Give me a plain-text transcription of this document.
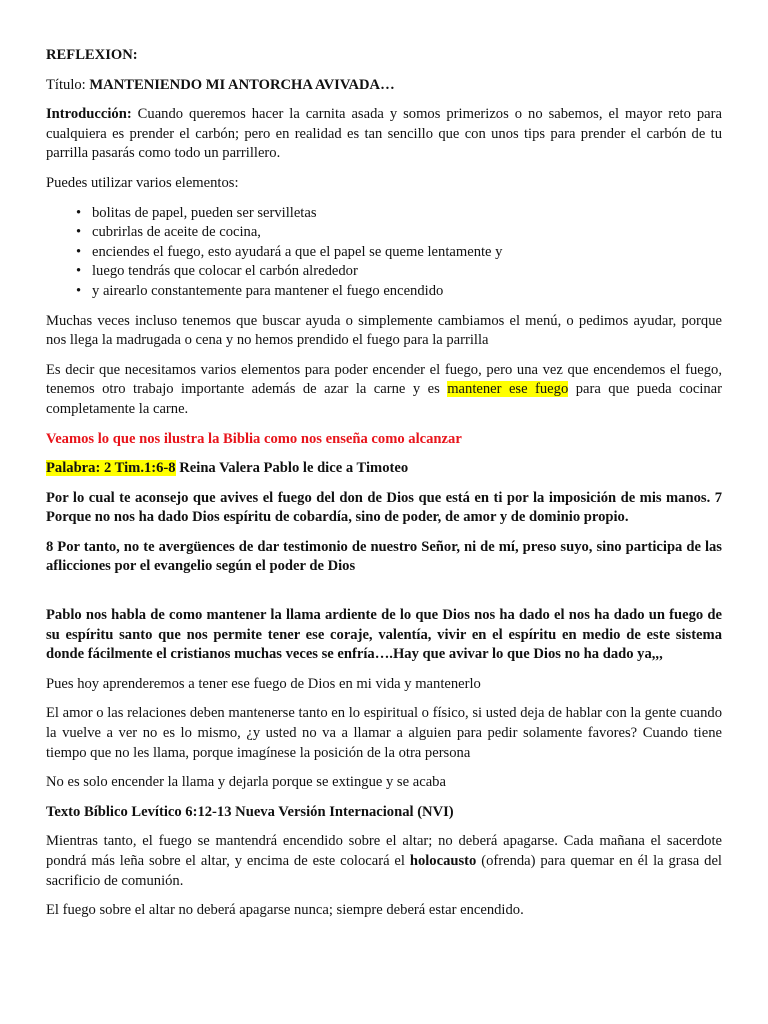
REFLEXION:

Título: MANTENIENDO MI ANTORCHA AVIVADA…

Introducción: Cuando queremos hacer la carnita asada y somos primerizos o no sabemos, el mayor reto para cualquiera es prender el carbón; pero en realidad es tan sencillo que con unos tips para prender el carbón de tu parrilla pasarás como todo un parrillero.

Puedes utilizar varios elementos:

• bolitas de papel, pueden ser servilletas
• cubrirlas de aceite de cocina,
• enciendes el fuego, esto ayudará a que el papel se queme lentamente y
• luego tendrás que colocar el carbón alrededor
• y airearlo constantemente para mantener el fuego encendido

Muchas veces incluso tenemos que buscar ayuda o simplemente cambiamos el menú, o pedimos ayudar, porque nos llega la madrugada o cena y no hemos prendido el fuego para la parrilla

Es decir que necesitamos varios elementos para poder encender el fuego, pero una vez que encendemos el fuego, tenemos otro trabajo importante además de azar la carne y es mantener ese fuego para que pueda cocinar completamente la carne.

Veamos lo que nos ilustra la Biblia como nos enseña como alcanzar

Palabra: 2 Tim.1:6-8 Reina Valera Pablo le dice a Timoteo

Por lo cual te aconsejo que avives el fuego del don de Dios que está en ti por la imposición de mis manos. 7 Porque no nos ha dado Dios espíritu de cobardía, sino de poder, de amor y de dominio propio.

8 Por tanto, no te avergüences de dar testimonio de nuestro Señor, ni de mí, preso suyo, sino participa de las aflicciones por el evangelio según el poder de Dios

Pablo nos habla de como mantener la llama ardiente de lo que Dios nos ha dado el nos ha dado un fuego de su espíritu santo que nos permite tener ese coraje, valentía, vivir en el espíritu en medio de este sistema donde fácilmente el cristianos muchas veces se enfría….Hay que avivar lo que Dios no ha dado ya,,,

Pues hoy aprenderemos a tener ese fuego de Dios en mi vida y mantenerlo

El amor o las relaciones deben mantenerse tanto en lo espiritual o físico, si usted deja de hablar con la gente cuando la vuelve a ver no es lo mismo, ¿y usted no va a llamar a alguien para pedir solamente favores? Cuando tiene tiempo que no les llama, porque imagínese la posición de la otra persona

No es solo encender la llama y dejarla porque se extingue y se acaba

Texto Bíblico Levítico 6:12-13 Nueva Versión Internacional (NVI)

Mientras tanto, el fuego se mantendrá encendido sobre el altar; no deberá apagarse. Cada mañana el sacerdote pondrá más leña sobre el altar, y encima de este colocará el holocausto (ofrenda) para quemar en él la grasa del sacrificio de comunión.

El fuego sobre el altar no deberá apagarse nunca; siempre deberá estar encendido.
